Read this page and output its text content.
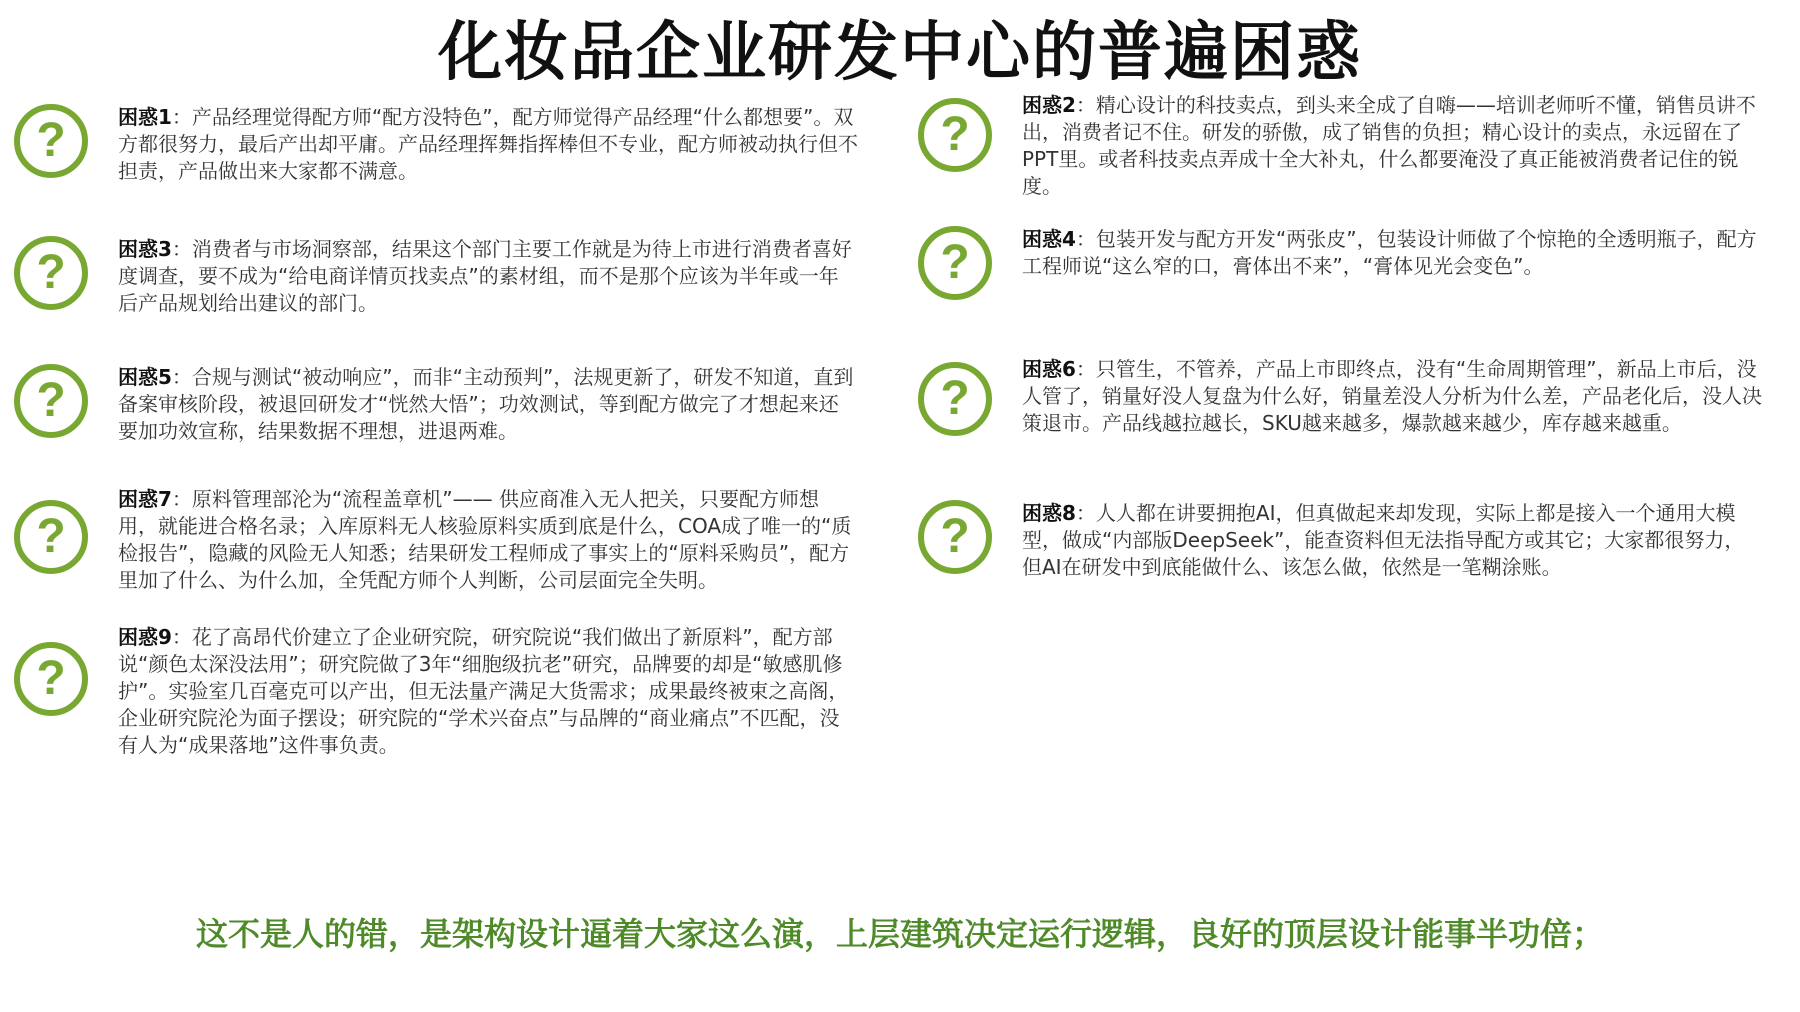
化妆品企业研发中心的普遍困惑
?	困惑1：产品经理觉得配方师“配方没特色”，配方师觉得产品经理“什么都想要”。双方都很努力，最后产出却平庸。产品经理挥舞指挥棒但不专业，配方师被动执行但不担责，产品做出来大家都不满意。
?	困惑3：消费者与市场洞察部，结果这个部门主要工作就是为待上市进行消费者喜好度调查，要不成为“给电商详情页找卖点”的素材组，而不是那个应该为半年或一年后产品规划给出建议的部门。
?	困惑5：合规与测试“被动响应”，而非“主动预判”，法规更新了，研发不知道，直到备案审核阶段，被退回研发才“恍然大悟”；功效测试，等到配方做完了才想起来还要加功效宣称，结果数据不理想，进退两难。
?
困惑7：原料管理部沦为“流程盖章机”—— 供应商准入无人把关，只要配方师想用，就能进合格名录；入库原料无人核验原料实质到底是什么，COA成了唯一的“质检报告”，隐藏的风险无人知悉；结果研发工程师成了事实上的“原料采购员”，配方里加了什么、为什么加，全凭配方师个人判断，公司层面完全失明。
?
困惑9：花了高昂代价建立了企业研究院，研究院说“我们做出了新原料”，配方部说“颜色太深没法用”；研究院做了3年“细胞级抗老”研究，品牌要的却是“敏感肌修护”。实验室几百毫克可以产出，但无法量产满足大货需求；成果最终被束之高阁，企业研究院沦为面子摆设；研究院的“学术兴奋点”与品牌的“商业痛点”不匹配，没有人为“成果落地”这件事负责。
?
困惑2：精心设计的科技卖点，到头来全成了自嗨——培训老师听不懂，销售员讲不出，消费者记不住。研发的骄傲，成了销售的负担；精心设计的卖点，永远留在了PPT里。或者科技卖点弄成十全大补丸，什么都要淹没了真正能被消费者记住的锐度。
?	困惑4：包装开发与配方开发“两张皮”，包装设计师做了个惊艳的全透明瓶子，配方工程师说“这么窄的口，膏体出不来”，“膏体见光会变色”。
?
困惑6：只管生，不管养，产品上市即终点，没有“生命周期管理”，新品上市后，没人管了，销量好没人复盘为什么好，销量差没人分析为什么差，产品老化后，没人决策退市。产品线越拉越长，SKU越来越多，爆款越来越少，库存越来越重。
?	困惑8：人人都在讲要拥抱AI，但真做起来却发现，实际上都是接入一个通用大模型，做成“内部版DeepSeek”，能查资料但无法指导配方或其它；大家都很努力，但AI在研发中到底能做什么、该怎么做，依然是一笔糊涂账。
这不是人的错，是架构设计逼着大家这么演，上层建筑决定运行逻辑，良好的顶层设计能事半功倍；
